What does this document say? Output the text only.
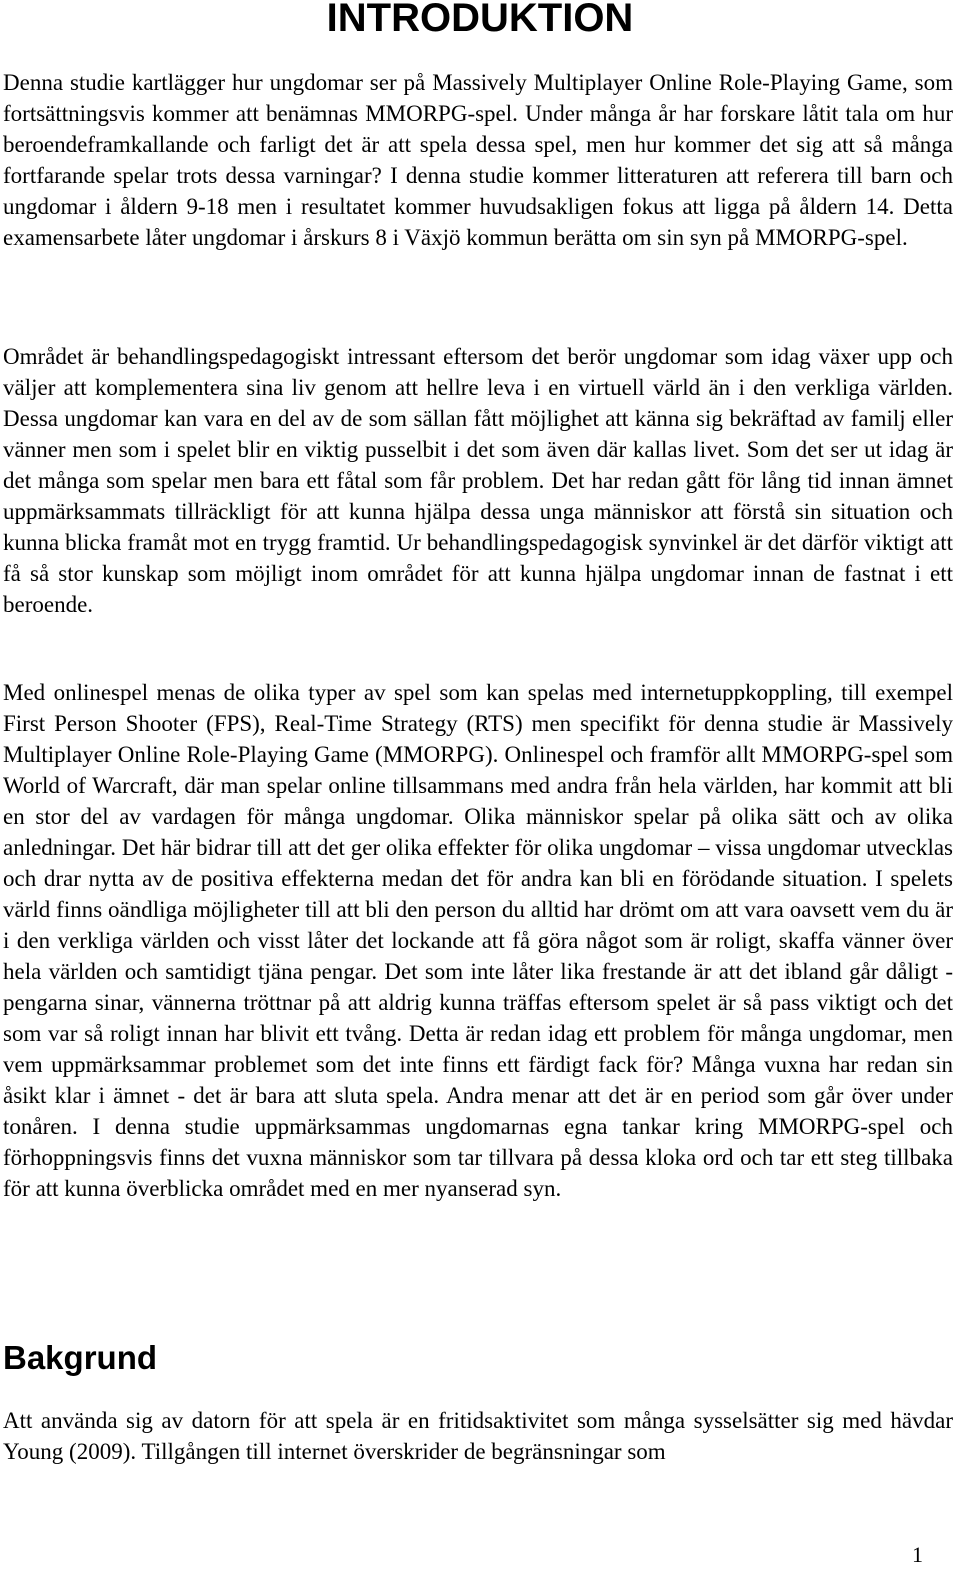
INTRODUKTION

Denna studie kartlägger hur ungdomar ser på Massively Multiplayer Online Role-Playing Game, som fortsättningsvis kommer att benämnas MMORPG-spel. Under många år har forskare låtit tala om hur beroendeframkallande och farligt det är att spela dessa spel, men hur kommer det sig att så många fortfarande spelar trots dessa varningar? I denna studie kommer litteraturen att referera till barn och ungdomar i åldern 9-18 men i resultatet kommer huvudsakligen fokus att ligga på åldern 14. Detta examensarbete låter ungdomar i årskurs 8 i Växjö kommun berätta om sin syn på MMORPG-spel.

Området är behandlingspedagogiskt intressant eftersom det berör ungdomar som idag växer upp och väljer att komplementera sina liv genom att hellre leva i en virtuell värld än i den verkliga världen. Dessa ungdomar kan vara en del av de som sällan fått möjlighet att känna sig bekräftad av familj eller vänner men som i spelet blir en viktig pusselbit i det som även där kallas livet. Som det ser ut idag är det många som spelar men bara ett fåtal som får problem. Det har redan gått för lång tid innan ämnet uppmärksammats tillräckligt för att kunna hjälpa dessa unga människor att förstå sin situation och kunna blicka framåt mot en trygg framtid. Ur behandlingspedagogisk synvinkel är det därför viktigt att få så stor kunskap som möjligt inom området för att kunna hjälpa ungdomar innan de fastnat i ett beroende.

Med onlinespel menas de olika typer av spel som kan spelas med internetuppkoppling, till exempel First Person Shooter (FPS), Real-Time Strategy (RTS) men specifikt för denna studie är Massively Multiplayer Online Role-Playing Game (MMORPG). Onlinespel och framför allt MMORPG-spel som World of Warcraft, där man spelar online tillsammans med andra från hela världen, har kommit att bli en stor del av vardagen för många ungdomar. Olika människor spelar på olika sätt och av olika anledningar. Det här bidrar till att det ger olika effekter för olika ungdomar – vissa ungdomar utvecklas och drar nytta av de positiva effekterna medan det för andra kan bli en förödande situation. I spelets värld finns oändliga möjligheter till att bli den person du alltid har drömt om att vara oavsett vem du är i den verkliga världen och visst låter det lockande att få göra något som är roligt, skaffa vänner över hela världen och samtidigt tjäna pengar. Det som inte låter lika frestande är att det ibland går dåligt - pengarna sinar, vännerna tröttnar på att aldrig kunna träffas eftersom spelet är så pass viktigt och det som var så roligt innan har blivit ett tvång. Detta är redan idag ett problem för många ungdomar, men vem uppmärksammar problemet som det inte finns ett färdigt fack för? Många vuxna har redan sin åsikt klar i ämnet - det är bara att sluta spela. Andra menar att det är en period som går över under tonåren. I denna studie uppmärksammas ungdomarnas egna tankar kring MMORPG-spel och förhoppningsvis finns det vuxna människor som tar tillvara på dessa kloka ord och tar ett steg tillbaka för att kunna överblicka området med en mer nyanserad syn.

Bakgrund

Att använda sig av datorn för att spela är en fritidsaktivitet som många sysselsätter sig med hävdar Young (2009). Tillgången till internet överskrider de begränsningar som

1
